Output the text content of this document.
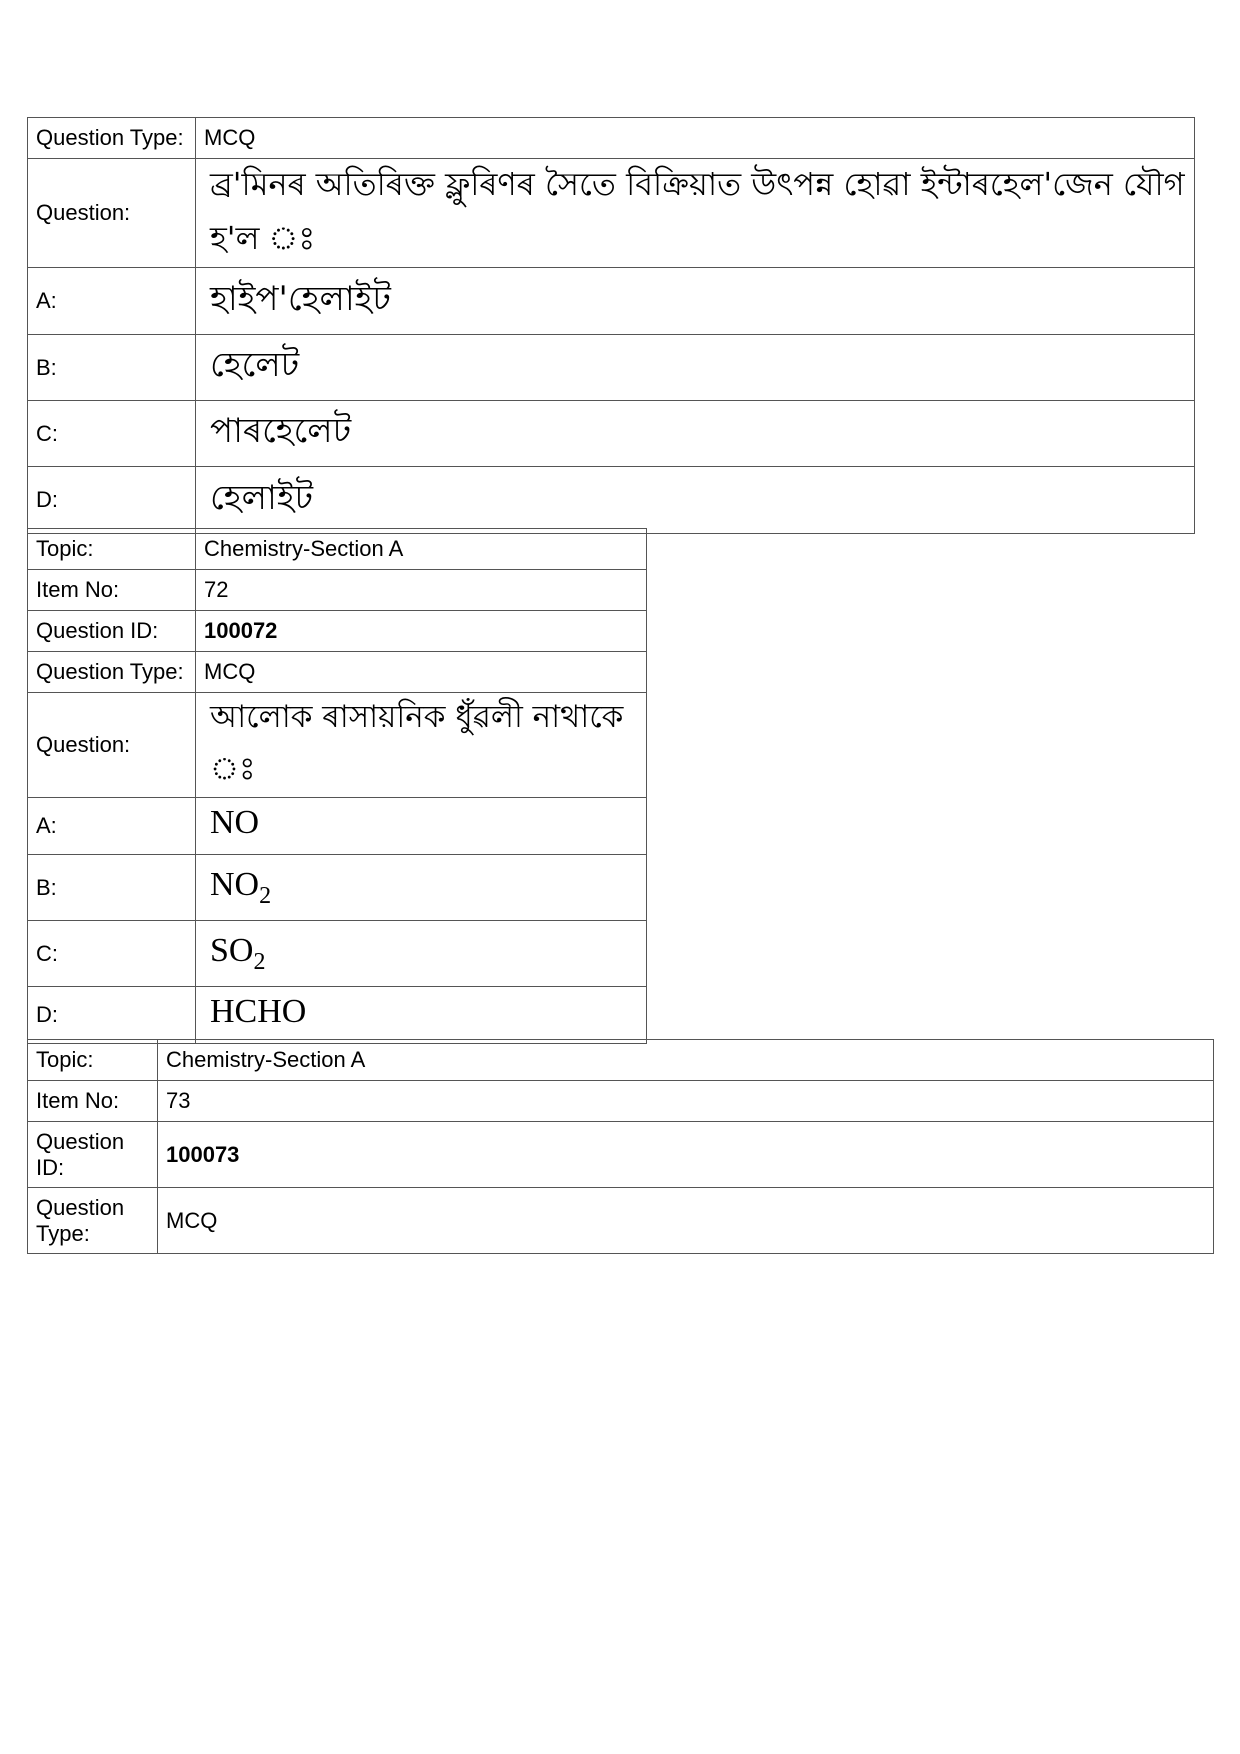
Question Type:	MCQ
Question:	ব্ৰ'মিনৰ অতিৰিক্ত ফ্লুৰিণৰ সৈতে বিক্ৰিয়াত উৎপন্ন হোৱা ইন্টাৰহেল'জেন যৌগ হ'ল ঃ
A:	হাইপ'হেলাইট
B:	হেলেট
C:	পাৰহেলেট
D:	হেলাইট
Topic:	Chemistry-Section A
Item No:	72
Question ID:	100072
Question Type:	MCQ
Question:	আলোক ৰাসায়নিক ধুঁৱলী নাথাকে ঃ
A:	NO
B:	$NO_2$
C:	$SO_2$
D:	HCHO
Topic:	Chemistry-Section A
Item No:	73
Question ID:	100073
Question Type:	MCQ
